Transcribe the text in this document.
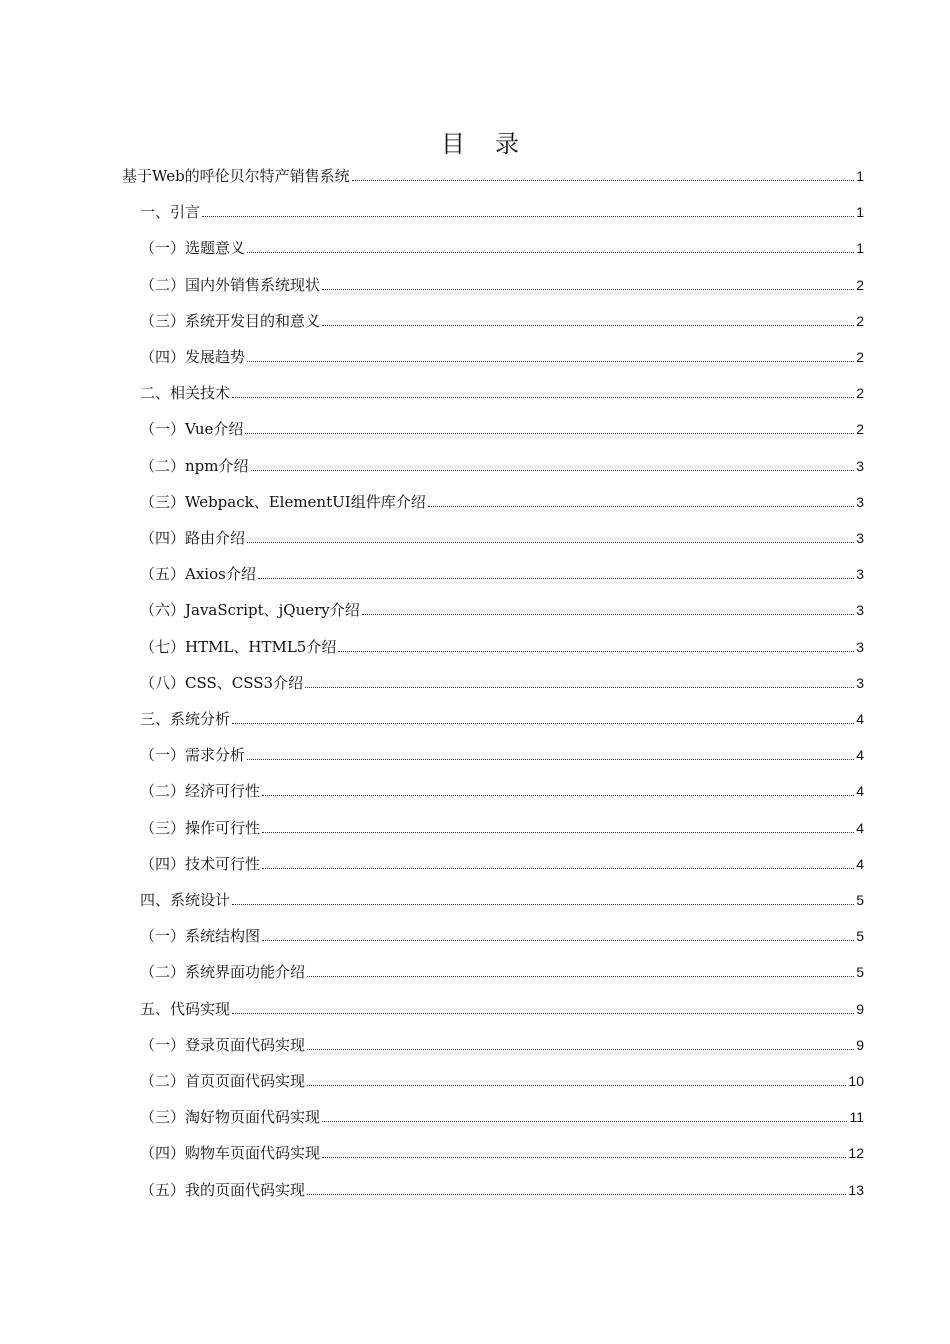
目录
基于Web的呼伦贝尔特产销售系统	1
一、引言	1
（一）选题意义	1
（二）国内外销售系统现状	2
（三）系统开发目的和意义	2
（四）发展趋势	2
二、相关技术	2
（一）Vue介绍	2
（二）npm介绍	3
（三）Webpack、ElementUI组件库介绍	3
（四）路由介绍	3
（五）Axios介绍	3
（六）JavaScript、jQuery介绍	3
（七）HTML、HTML5介绍	3
（八）CSS、CSS3介绍	3
三、系统分析	4
（一）需求分析	4
（二）经济可行性	4
（三）操作可行性	4
（四）技术可行性	4
四、系统设计	5
（一）系统结构图	5
（二）系统界面功能介绍	5
五、代码实现	9
（一）登录页面代码实现	9
（二）首页页面代码实现	10
（三）淘好物页面代码实现	11
（四）购物车页面代码实现	12
（五）我的页面代码实现	13
